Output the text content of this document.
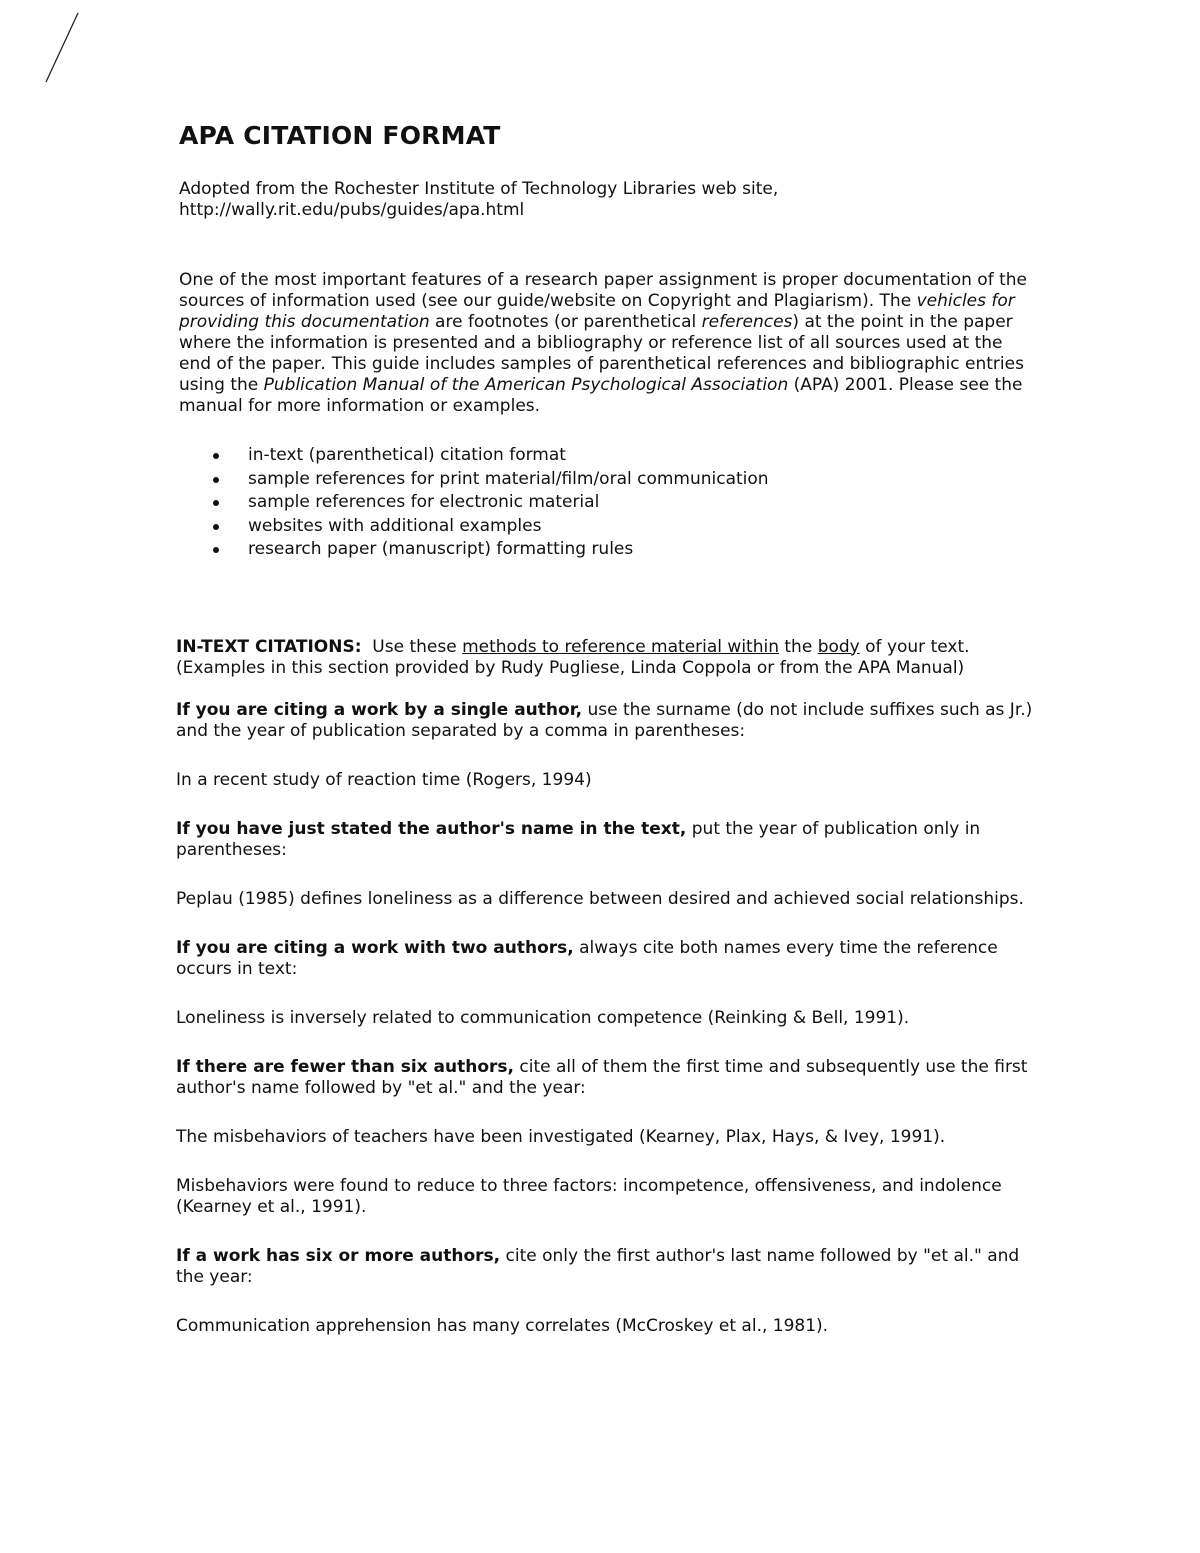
APA CITATION FORMAT

Adopted from the Rochester Institute of Technology Libraries web site,

http://wally.rit.edu/pubs/guides/apa.html

One of the most important features of a research paper assignment is proper documentation of the sources of information used (see our guide/website on Copyright and Plagiarism). The vehicles for providing this documentation are footnotes (or parenthetical references) at the point in the paper where the information is presented and a bibliography or reference list of all sources used at the end of the paper. This guide includes samples of parenthetical references and bibliographic entries using the Publication Manual of the American Psychological Association (APA) 2001. Please see the manual for more information or examples.

in-text (parenthetical) citation format
sample references for print material/film/oral communication
sample references for electronic material
websites with additional examples
research paper (manuscript) formatting rules

IN-TEXT CITATIONS:  Use these methods to reference material within the body of your text.

(Examples in this section provided by Rudy Pugliese, Linda Coppola or from the APA Manual)

If you are citing a work by a single author, use the surname (do not include suffixes such as Jr.) and the year of publication separated by a comma in parentheses:

In a recent study of reaction time (Rogers, 1994)

If you have just stated the author's name in the text, put the year of publication only in parentheses:

Peplau (1985) defines loneliness as a difference between desired and achieved social relationships.

If you are citing a work with two authors, always cite both names every time the reference occurs in text:

Loneliness is inversely related to communication competence (Reinking & Bell, 1991).

If there are fewer than six authors, cite all of them the first time and subsequently use the first author's name followed by "et al." and the year:

The misbehaviors of teachers have been investigated (Kearney, Plax, Hays, & Ivey, 1991).

Misbehaviors were found to reduce to three factors: incompetence, offensiveness, and indolence (Kearney et al., 1991).

If a work has six or more authors, cite only the first author's last name followed by "et al." and the year:

Communication apprehension has many correlates (McCroskey et al., 1981).
